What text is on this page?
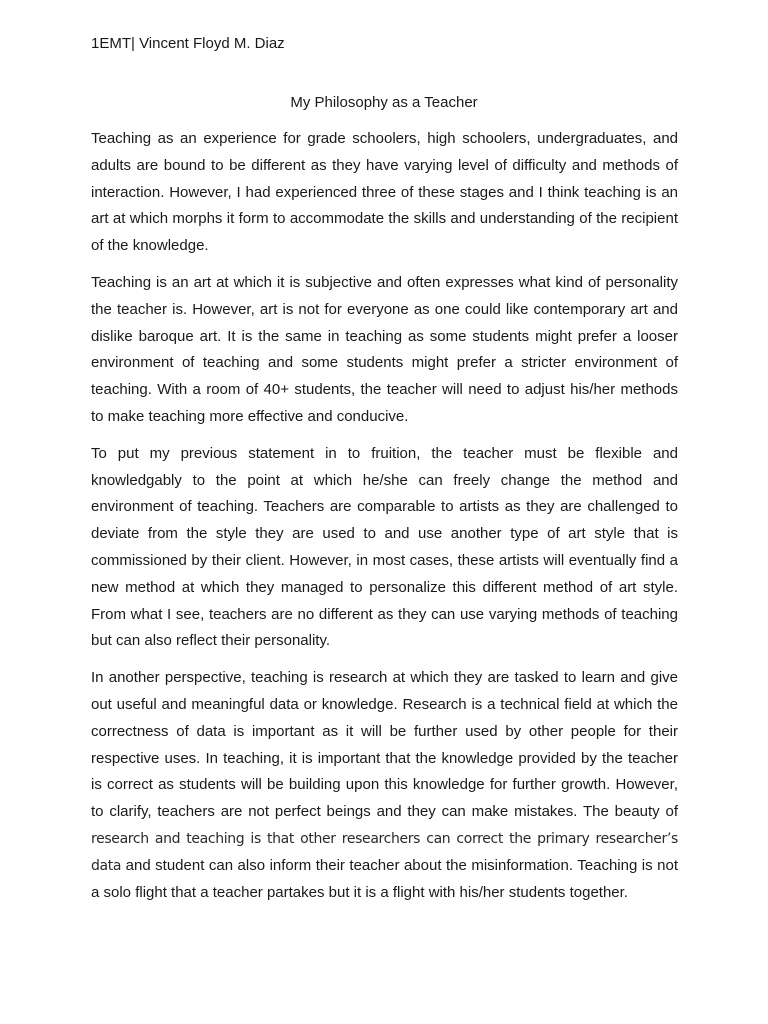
1EMT| Vincent Floyd M. Diaz
My Philosophy as a Teacher

Teaching as an experience for grade schoolers, high schoolers, undergraduates, and adults are bound to be different as they have varying level of difficulty and methods of interaction. However, I had experienced three of these stages and I think teaching is an art at which morphs it form to accommodate the skills and understanding of the recipient of the knowledge.

Teaching is an art at which it is subjective and often expresses what kind of personality the teacher is. However, art is not for everyone as one could like contemporary art and dislike baroque art. It is the same in teaching as some students might prefer a looser environment of teaching and some students might prefer a stricter environment of teaching. With a room of 40+ students, the teacher will need to adjust his/her methods to make teaching more effective and conducive.

To put my previous statement in to fruition, the teacher must be flexible and knowledgably to the point at which he/she can freely change the method and environment of teaching. Teachers are comparable to artists as they are challenged to deviate from the style they are used to and use another type of art style that is commissioned by their client. However, in most cases, these artists will eventually find a new method at which they managed to personalize this different method of art style. From what I see, teachers are no different as they can use varying methods of teaching but can also reflect their personality.

In another perspective, teaching is research at which they are tasked to learn and give out useful and meaningful data or knowledge. Research is a technical field at which the correctness of data is important as it will be further used by other people for their respective uses. In teaching, it is important that the knowledge provided by the teacher is correct as students will be building upon this knowledge for further growth. However, to clarify, teachers are not perfect beings and they can make mistakes. The beauty of research and teaching is that other researchers can correct the primary researcher’s data and student can also inform their teacher about the misinformation. Teaching is not a solo flight that a teacher partakes but it is a flight with his/her students together.
